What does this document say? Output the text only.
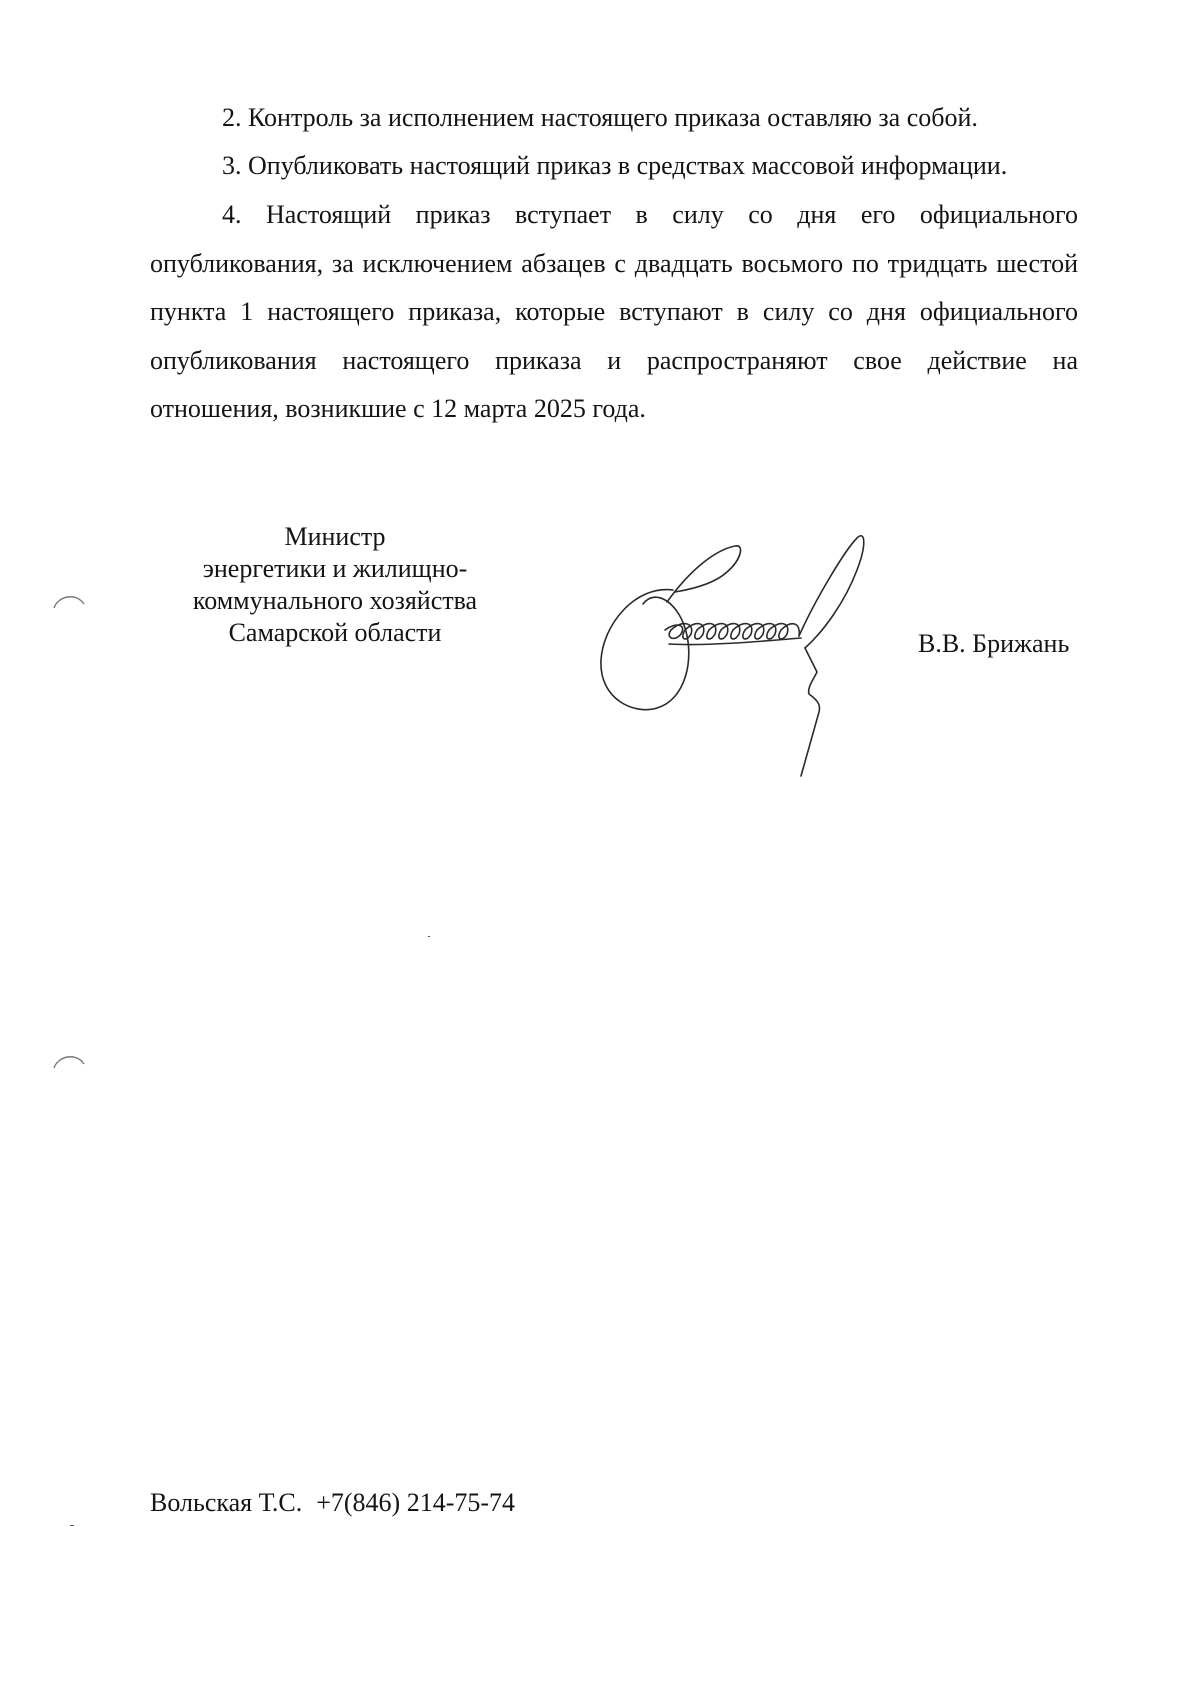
2. Контроль за исполнением настоящего приказа оставляю за собой.

3. Опубликовать настоящий приказ в средствах массовой информации.

4. Настоящий приказ вступает в силу со дня его официального опубликования, за исключением абзацев с двадцать восьмого по тридцать шестой пункта 1 настоящего приказа, которые вступают в силу со дня официального опубликования настоящего приказа и распространяют свое действие на отношения, возникшие с 12 марта 2025 года.

Министр
энергетики и жилищно-
коммунального хозяйства
Самарской области	В.В. Брижань
Вольская Т.С. +7(846) 214-75-74
